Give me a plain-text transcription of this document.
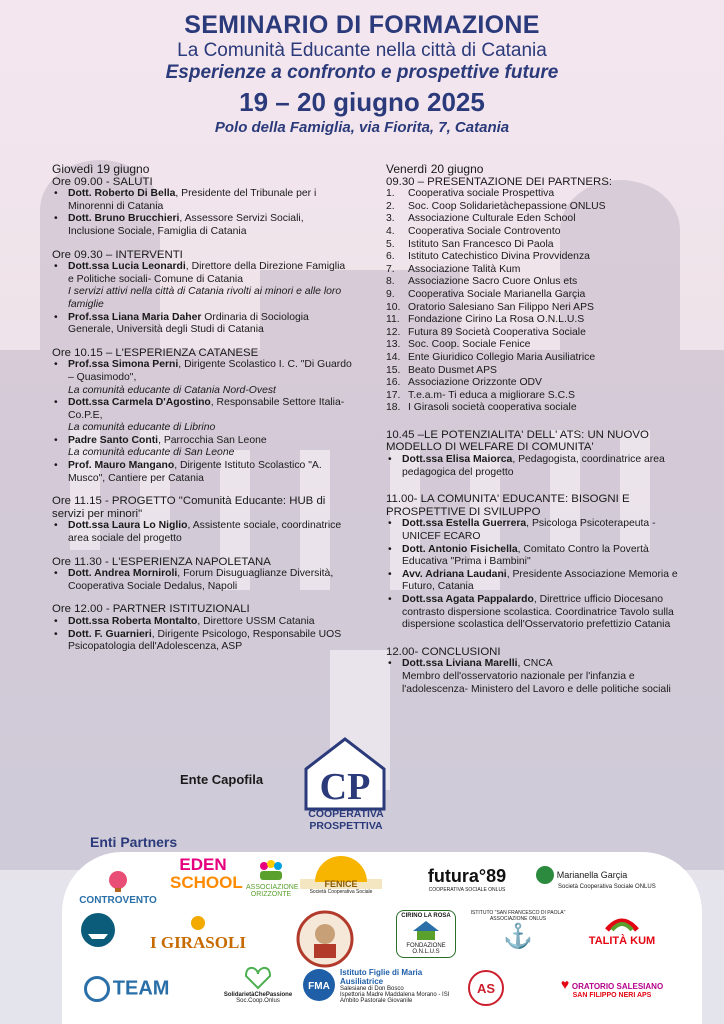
SEMINARIO DI FORMAZIONE
La Comunità Educante nella città di Catania
Esperienze a confronto e prospettive future
19 – 20 giugno 2025
Polo della Famiglia, via Fiorita, 7, Catania
Giovedì 19 giugno
Ore 09.00 - SALUTI
• Dott. Roberto Di Bella, Presidente del Tribunale per i Minorenni di Catania
• Dott. Bruno Brucchieri, Assessore Servizi Sociali, Inclusione Sociale, Famiglia di Catania
Ore 09.30 – INTERVENTI
• Dott.ssa Lucia Leonardi, Direttore della Direzione Famiglia e Politiche sociali- Comune di Catania
I servizi attivi nella città di Catania rivolti ai minori e alle loro famiglie
• Prof.ssa Liana Maria Daher Ordinaria di Sociologia Generale, Università degli Studi di Catania
Ore 10.15 – L'ESPERIENZA CATANESE
• Prof.ssa Simona Perni, Dirigente Scolastico I. C. "Di Guardo – Quasimodo",
La comunità educante di Catania Nord-Ovest
• Dott.ssa Carmela D'Agostino, Responsabile Settore Italia- Co.P.E,
La comunità educante di Librino
• Padre Santo Conti, Parrocchia San Leone
La comunità educante di San Leone
• Prof. Mauro Mangano, Dirigente Istituto Scolastico "A. Musco", Cantiere per Catania
Ore 11.15 - PROGETTO "Comunità Educante: HUB di servizi per minori"
• Dott.ssa Laura Lo Niglio, Assistente sociale, coordinatrice area sociale del progetto
Ore 11.30 - L'ESPERIENZA NAPOLETANA
• Dott. Andrea Morniroli, Forum Disuguaglianze Diversità, Cooperativa Sociale Dedalus, Napoli
Ore 12.00 - PARTNER ISTITUZIONALI
• Dott.ssa Roberta Montalto, Direttore USSM Catania
• Dott. F. Guarnieri, Dirigente Psicologo, Responsabile UOS Psicopatologia dell'Adolescenza, ASP
Venerdì 20 giugno
09.30 – PRESENTAZIONE DEI PARTNERS:
1.	Cooperativa sociale Prospettiva
2.	Soc. Coop Solidarietàchepassione ONLUS
3.	Associazione Culturale Eden School
4.	Cooperativa Sociale Controvento
5.	Istituto San Francesco Di Paola
6.	Istituto Catechistico Divina Provvidenza
7.	Associazione Talità Kum
8.	Associazione Sacro Cuore Onlus ets
9.	Cooperativa Sociale Marianella Garçia
10. Oratorio Salesiano San Filippo Neri APS
11. Fondazione Cirino La Rosa O.N.L.U.S
12. Futura 89 Società Cooperativa Sociale
13. Soc. Coop. Sociale Fenice
14. Ente Giuridico Collegio Maria Ausiliatrice
15. Beato Dusmet APS
16. Associazione Orizzonte ODV
17. T.e.a.m- Ti educa a migliorare S.C.S
18. I Girasoli società cooperativa sociale
10.45 –LE POTENZIALITA' DELL' ATS: UN NUOVO MODELLO DI WELFARE DI COMUNITA'
• Dott.ssa Elisa Maiorca, Pedagogista, coordinatrice area pedagogica del progetto
11.00- LA COMUNITA' EDUCANTE: BISOGNI E PROSPETTIVE DI SVILUPPO
• Dott.ssa Estella Guerrera, Psicologa Psicoterapeuta - UNICEF ECARO
• Dott. Antonio Fisichella, Comitato Contro la Povertà Educativa "Prima i Bambini"
• Avv. Adriana Laudani, Presidente Associazione Memoria e Futuro, Catania
• Dott.ssa Agata Pappalardo, Direttrice ufficio Diocesano contrasto dispersione scolastica. Coordinatrice Tavolo sulla dispersione scolastica dell'Osservatorio prefettizio Catania
12.00- CONCLUSIONI
• Dott.ssa Liviana Marelli, CNCA
Membro dell'osservatorio nazionale per l'infanzia e l'adolescenza- Ministero del Lavoro e delle politiche sociali
Ente Capofila CP
COOPERATIVA
PROSPETTIVA
Enti Partners
CONTROVENTO
EDEN
SCHOOL ASSOCIAZIONE ORIZZONTE
FENICE
Società Cooperativa Sociale
futura°89
COOPERATIVA SOCIALE ONLUS
Marianella Garçia
Società Cooperativa Sociale ONLUS
I GIRASOLI
CIRINO LA ROSA
FONDAZIONE O.N.L.U.S
ISTITUTO "SAN FRANCESCO DI PAOLA"
ASSOCIAZIONE ONLUS
⚓	TALITÀ KUM
TEAM	SolidarietàChePassione
Soc.Coop.Onlus
FMA
Istituto Figlie di Maria Ausiliatrice
Salesiane di Don Bosco
Ispettoria Madre Maddalena Morano - ISI
Ambito Pastorale Giovanile
AS	♥ ORATORIO SALESIANO
SAN FILIPPO NERI APS
